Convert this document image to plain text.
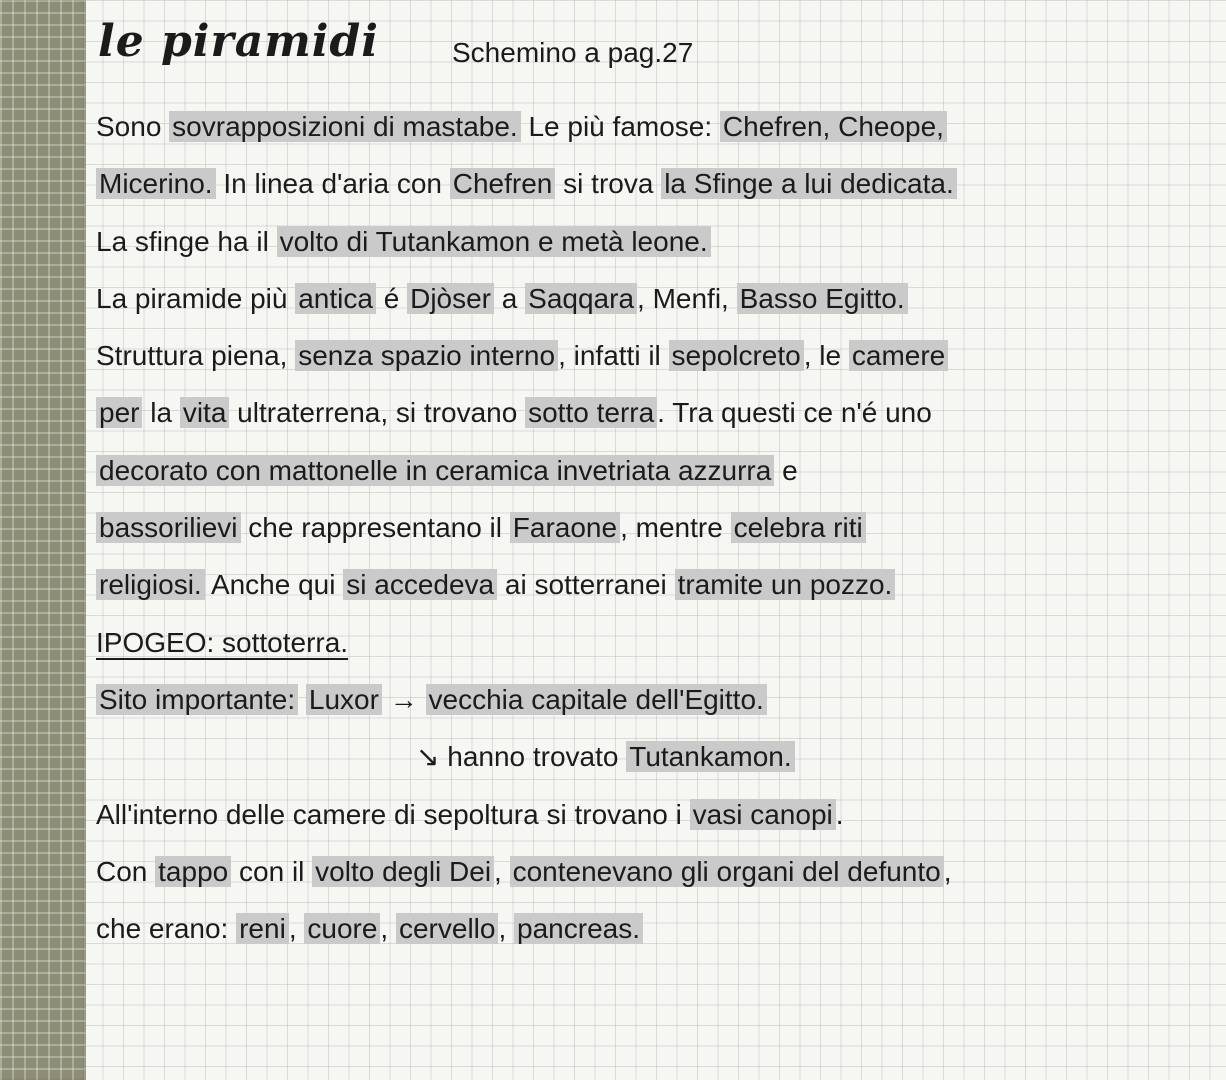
le piramidi	Schemino a pag.27
Sono sovrapposizioni di mastabe. Le più famose: Chefren, Cheope,
Micerino. In linea d'aria con Chefren si trova la Sfinge a lui dedicata.
La sfinge ha il volto di Tutankamon e metà leone.
La piramide più antica é Djòser a Saqqara , Menfi, Basso Egitto.
Struttura piena, senza spazio interno , infatti il sepolcreto , le camere
per la vita ultraterrena, si trovano sotto terra . Tra questi ce n'é uno
decorato con mattonelle in ceramica invetriata azzurra e
bassorilievi che rappresentano il Faraone , mentre celebra riti
religiosi. Anche qui si accedeva ai sotterranei tramite un pozzo.
IPOGEO: sottoterra.
Sito importante: Luxor → vecchia capitale dell'Egitto.
↘ hanno trovato Tutankamon.
All'interno delle camere di sepoltura si trovano i vasi canopi .
Con tappo con il volto degli Dei , contenevano gli organi del defunto ,
che erano: reni , cuore , cervello , pancreas.
